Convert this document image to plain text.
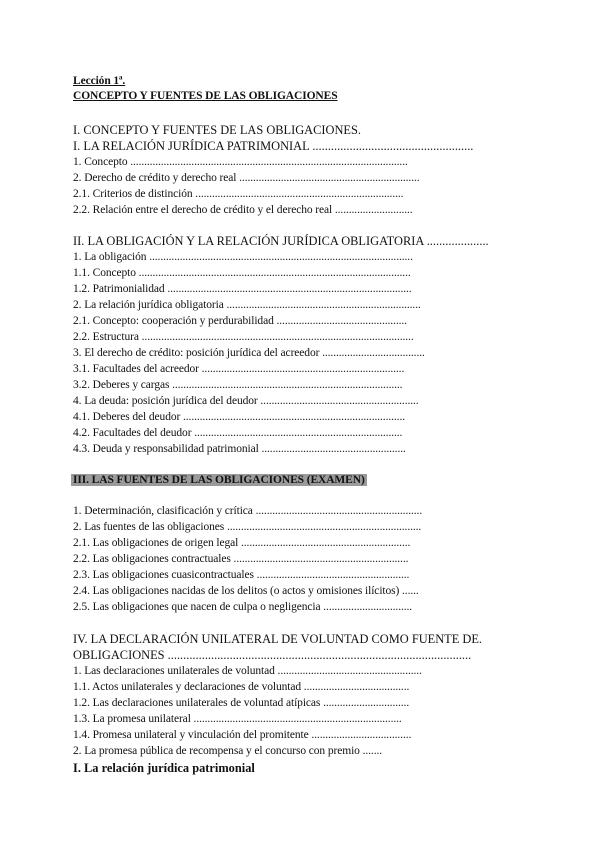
Lección 1ª.
CONCEPTO Y FUENTES DE LAS OBLIGACIONES
I. CONCEPTO Y FUENTES DE LAS OBLIGACIONES.
I. LA RELACIÓN JURÍDICA PATRIMONIAL ....................................................
1. Concepto ....................................................................................................
2. Derecho de crédito y derecho real .................................................................
2.1. Criterios de distinción ...........................................................................
2.2. Relación entre el derecho de crédito y el derecho real ............................
II. LA OBLIGACIÓN Y LA RELACIÓN JURÍDICA OBLIGATORIA ....................
1. La obligación ...............................................................................................
1.1. Concepto ..................................................................................................
1.2. Patrimonialidad ........................................................................................
2. La relación jurídica obligatoria ......................................................................
2.1. Concepto: cooperación y perdurabilidad ...............................................
2.2. Estructura ..................................................................................................
3. El derecho de crédito: posición jurídica del acreedor .....................................
3.1. Facultades del acreedor .........................................................................
3.2. Deberes y cargas ...................................................................................
4. La deuda: posición jurídica del deudor .........................................................
4.1. Deberes del deudor ................................................................................
4.2. Facultades del deudor ...........................................................................
4.3. Deuda y responsabilidad patrimonial ....................................................
III. LAS FUENTES DE LAS OBLIGACIONES (EXAMEN)
1. Determinación, clasificación y crítica ............................................................
2. Las fuentes de las obligaciones ......................................................................
2.1. Las obligaciones de origen legal .............................................................
2.2. Las obligaciones contractuales ...............................................................
2.3. Las obligaciones cuasicontractuales .......................................................
2.4. Las obligaciones nacidas de los delitos (o actos y omisiones ilícitos) ......
2.5. Las obligaciones que nacen de culpa o negligencia ................................
IV. LA DECLARACIÓN UNILATERAL DE VOLUNTAD COMO FUENTE DE.
OBLIGACIONES ..................................................................................................
1. Las declaraciones unilaterales de voluntad ....................................................
1.1. Actos unilaterales y declaraciones de voluntad ......................................
1.2. Las declaraciones unilaterales de voluntad atípicas ...............................
1.3. La promesa unilateral ...........................................................................
1.4. Promesa unilateral y vinculación del promitente ....................................
2. La promesa pública de recompensa y el concurso con premio .......
I. La relación jurídica patrimonial
